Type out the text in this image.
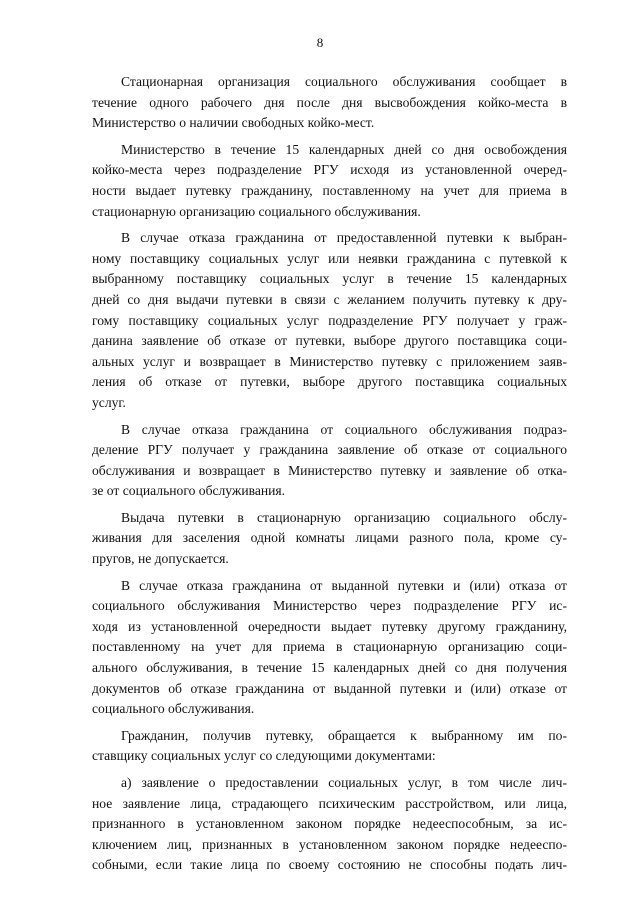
8
Стационарная организация социального обслуживания сообщает в
течение одного рабочего дня после дня высвобождения койко-места в
Министерство о наличии свободных койко-мест.
Министерство в течение 15 календарных дней со дня освобождения
койко-места через подразделение РГУ исходя из установленной очеред-
ности выдает путевку гражданину, поставленному на учет для приема в
стационарную организацию социального обслуживания.
В случае отказа гражданина от предоставленной путевки к выбран-
ному поставщику социальных услуг или неявки гражданина с путевкой к
выбранному поставщику социальных услуг в течение 15 календарных
дней со дня выдачи путевки в связи с желанием получить путевку к дру-
гому поставщику социальных услуг подразделение РГУ получает у граж-
данина заявление об отказе от путевки, выборе другого поставщика соци-
альных услуг и возвращает в Министерство путевку с приложением заяв-
ления об отказе от путевки, выборе другого поставщика социальных
услуг.
В случае отказа гражданина от социального обслуживания подраз-
деление РГУ получает у гражданина заявление об отказе от социального
обслуживания и возвращает в Министерство путевку и заявление об отка-
зе от социального обслуживания.
Выдача путевки в стационарную организацию социального обслу-
живания для заселения одной комнаты лицами разного пола, кроме су-
пругов, не допускается.
В случае отказа гражданина от выданной путевки и (или) отказа от
социального обслуживания Министерство через подразделение РГУ ис-
ходя из установленной очередности выдает путевку другому гражданину,
поставленному на учет для приема в стационарную организацию соци-
ального обслуживания, в течение 15 календарных дней со дня получения
документов об отказе гражданина от выданной путевки и (или) отказе от
социального обслуживания.
Гражданин, получив путевку, обращается к выбранному им по-
ставщику социальных услуг со следующими документами:
а) заявление о предоставлении социальных услуг, в том числе лич-
ное заявление лица, страдающего психическим расстройством, или лица,
признанного в установленном законом порядке недееспособным, за ис-
ключением лиц, признанных в установленном законом порядке недееспо-
собными, если такие лица по своему состоянию не способны подать лич-
